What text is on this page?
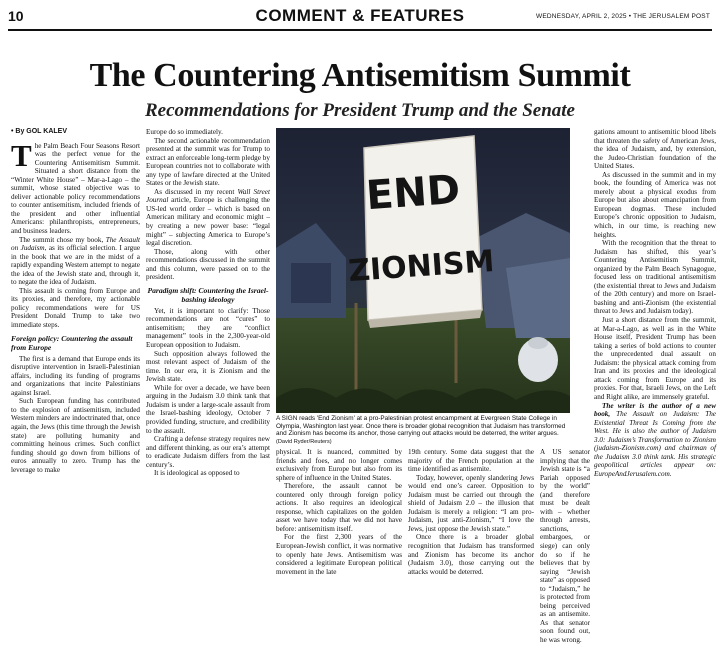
10	COMMENT & FEATURES	WEDNESDAY, APRIL 2, 2025 • THE JERUSALEM POST
The Countering Antisemitism Summit
Recommendations for President Trump and the Senate
• By GOL KALEV

The Palm Beach Four Seasons Resort was the perfect venue for the Countering Antisemitism Summit. Situated a short distance from the “Winter White House” – Mar-a-Lago – the summit, whose stated objective was to deliver actionable policy recommendations to counter antisemitism, included friends of the president and other influential Americans: philanthropists, entrepreneurs, and business leaders.

The summit chose my book, The Assault on Judaism, as its official selection. I argue in the book that we are in the midst of a rapidly expanding Western attempt to negate the idea of the Jewish state and, through it, to negate the idea of Judaism.

This assault is coming from Europe and its proxies, and therefore, my actionable policy recommendations were for US President Donald Trump to take two immediate steps.

Foreign policy: Countering the assault from Europe

The first is a demand that Europe ends its disruptive intervention in Israeli-Palestinian affairs, including its funding of programs and organizations that incite Palestinians against Israel.

Such European funding has contributed to the explosion of antisemitism, included Western minders are indoctrinated that, once again, the Jews (this time through the Jewish state) are polluting humanity and committing heinous crimes. Such conflict funding should go down from billions of euros annually to zero. Trump has the leverage to make

Europe do so immediately.

The second actionable recommendation presented at the summit was for Trump to extract an enforceable long-term pledge by European countries not to collaborate with any type of lawfare directed at the United States or the Jewish state.

As discussed in my recent Wall Street Journal article, Europe is challenging the US-led world order – which is based on American military and economic might – by creating a new power base: “legal might” – subjecting America to Europe’s legal discretion.

Those, along with other recommendations discussed in the summit and this column, were passed on to the president.

Paradigm shift: Countering the Israel-bashing ideology

Yet, it is important to clarify: Those recommendations are not “cures” to antisemitism; they are “conflict management” tools in the 2,300-year-old European opposition to Judaism.

Such opposition always followed the most relevant aspect of Judaism of the time. In our era, it is Zionism and the Jewish state.

While for over a decade, we have been arguing in the Judaism 3.0 think tank that Judaism is under a large-scale assault from the Israel-bashing ideology, October 7 provided funding, structure, and credibility to the assault.

Crafting a defense strategy requires new and different thinking, as our era’s attempt to eradicate Judaism differs from the last century’s.

It is ideological as opposed to

END
ZIONISM
A SIGN reads 'End Zionism' at a pro-Palestinian protest encampment at Evergreen State College in Olympia, Washington last year. Once there is broader global recognition that Judaism has transformed and Zionism has become its anchor, those carrying out attacks would be deterred, the writer argues. (David Ryder/Reuters)

physical. It is nuanced, committed by friends and foes, and no longer comes exclusively from Europe but also from its sphere of influence in the United States.

Therefore, the assault cannot be countered only through foreign policy actions. It also requires an ideological response, which capitalizes on the golden asset we have today that we did not have before: antisemitism itself.

For the first 2,300 years of the European-Jewish conflict, it was normative to openly hate Jews. Antisemitism was considered a legitimate European political movement in the late

19th century. Some data suggest that the majority of the French population at the time identified as antisemite.

Today, however, openly slandering Jews would end one’s career. Opposition to Judaism must be carried out through the shield of Judaism 2.0 – the illusion that Judaism is merely a religion: “I am pro-Judaism, just anti-Zionism,” “I love the Jews, just oppose the Jewish state.”

Once there is a broader global recognition that Judaism has transformed and Zionism has become its anchor (Judaism 3.0), those carrying out the attacks would be deterred.

gations amount to antisemitic blood libels that threaten the safety of American Jews, the idea of Judaism, and, by extension, the Judeo-Christian foundation of the United States.

As discussed in the summit and in my book, the founding of America was not merely about a physical exodus from Europe but also about emancipation from European dogmas. These included Europe’s chronic opposition to Judaism, which, in our time, is reaching new heights.

With the recognition that the threat to Judaism has shifted, this year’s Countering Antisemitism Summit, organized by the Palm Beach Synagogue, focused less on traditional antisemitism (the existential threat to Jews and Judaism of the 20th century) and more on Israel-bashing and anti-Zionism (the existential threat to Jews and Judaism today).

Just a short distance from the summit, at Mar-a-Lago, as well as in the White House itself, President Trump has been taking a series of bold actions to counter the unprecedented dual assault on Judaism: the physical attack coming from Iran and its proxies and the ideological attack coming from Europe and its proxies. For that, Israeli Jews, on the Left and Right alike, are immensely grateful.

The writer is the author of a new book, The Assault on Judaism: The Existential Threat Is Coming from the West. He is also the author of Judaism 3.0: Judaism’s Transformation to Zionism (judaism-Zionism.com) and chairman of the Judaism 3.0 think tank. His strategic geopolitical articles appear on: EuropeAndJerusalem.com.

A US senator implying that the Jewish state is “a Pariah opposed by the world” (and therefore must be dealt with – whether through arrests, sanctions, embargoes, or siege) can only do so if he believes that by saying “Jewish state” as opposed to “Judaism,” he is protected from being perceived as an antisemite. As that senator soon found out, he was wrong.
